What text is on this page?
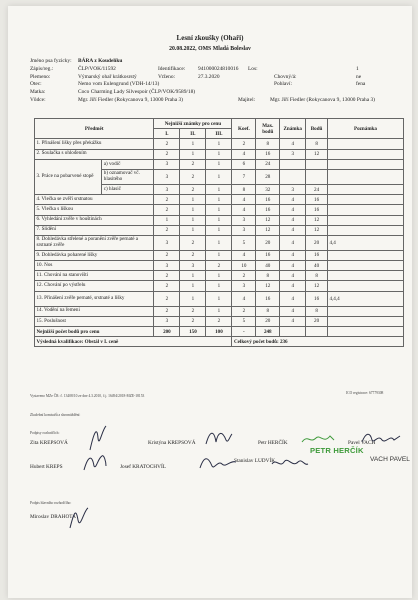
Lesní zkoušky (Ohaři)
20.08.2022, OMS Mladá Boleslav
Jméno psa fyzicky: BÁRA z Koudelíku
Zápis/reg.:	ČLP/VOK/11592	Identifikace: 941000024810016 Los:	1
Plemeno:	Výmarský ohař krátkosrstý	Vrženo:	27.3.2020	Chovný/á:	ne
Otec:	Nemo vom Eulengrund (VDH-14/13)	Pohlaví:	fena
Matka:	Coco Charming Lady Silvespoir (ČLP/VOK/9589/18)
Vůdce:	Mgr. Jiří Fiedler (Rokycanova 9, 13000 Praha 3)	Majitel:	Mgr. Jiří Fiedler (Rokycanova 9, 13000 Praha 3)
Předmět		Nejnižší známky pro cenu			Koef.	Max. bodů	Známka	Bodů	Poznámka
		I.	II.	III.					
1. Přinášení lišky přes překážku		2	1	1	2	8	4	8	
2. Šoulačka s ohlođením		2	1	1	4	16	3	12	
3. Práce na pobarvené stopě	a) vodič	3	2	1	6	24			
	b) oznamovač vč. hlasitého	3	2	1	7	28			
	c) hlasič	3	2	1	8	32	3	24	
4. Vlečka se zvěří srstnatou		2	1	1	4	16	4	16	
5. Vlečka s liškou		2	1	1	4	16	4	16	
6. Vyhledání zvěře v houštinách		1	1	1	3	12	4	12	
7. Slídění		2	1	1	3	12	4	12	
8. Dohledávka střelené a poranění zvěře pernaté a srstnaté zvěře		3	2	1	5	20	4	20	4,4
9. Dohledávka poharené lišky		2	2	1	4	16	4	16	
10. Nos		3	3	2	10	40	4	40	
11. Chování na stanovišti		2	1	1	2	8	4	8	
12. Chování po výstřelu		2	1	1	3	12	4	12	
13. Přinášení zvěře pernaté, srstnaté a lišky		2	1	1	4	16	4	16	4,4,4
14. Vodění na řemeni		2	2	1	2	8	4	8	
15. Poslušnost		3	2	2	5	20	4	20	
Nejnižší počet bodů pro cenu		200	150	100	-	248			
Výsledná kvalifikace: Obstál v I. ceně					Celkový počet bodů: 236				
Vystaveno MZe ČR: č. 13408/10 ze dne 4.3.2010, č.j. 16494/2018-MZE-18153
ICO registrace: 67779308
Zkušební komisařů a shromáždění:
Podpisy rozhodčích:
Podpis hlavního rozhodčího:
PETR HERČÍK
VACH PAVEL
Zita KREPSOVÁ	Kristýna KREPSOVÁ	Petr HERČÍK	Pavel VACH
Hubert KREPS	Josef KRATOCHVÍL
Stanislav LUDVÍK
Miroslav DRAHOTA
